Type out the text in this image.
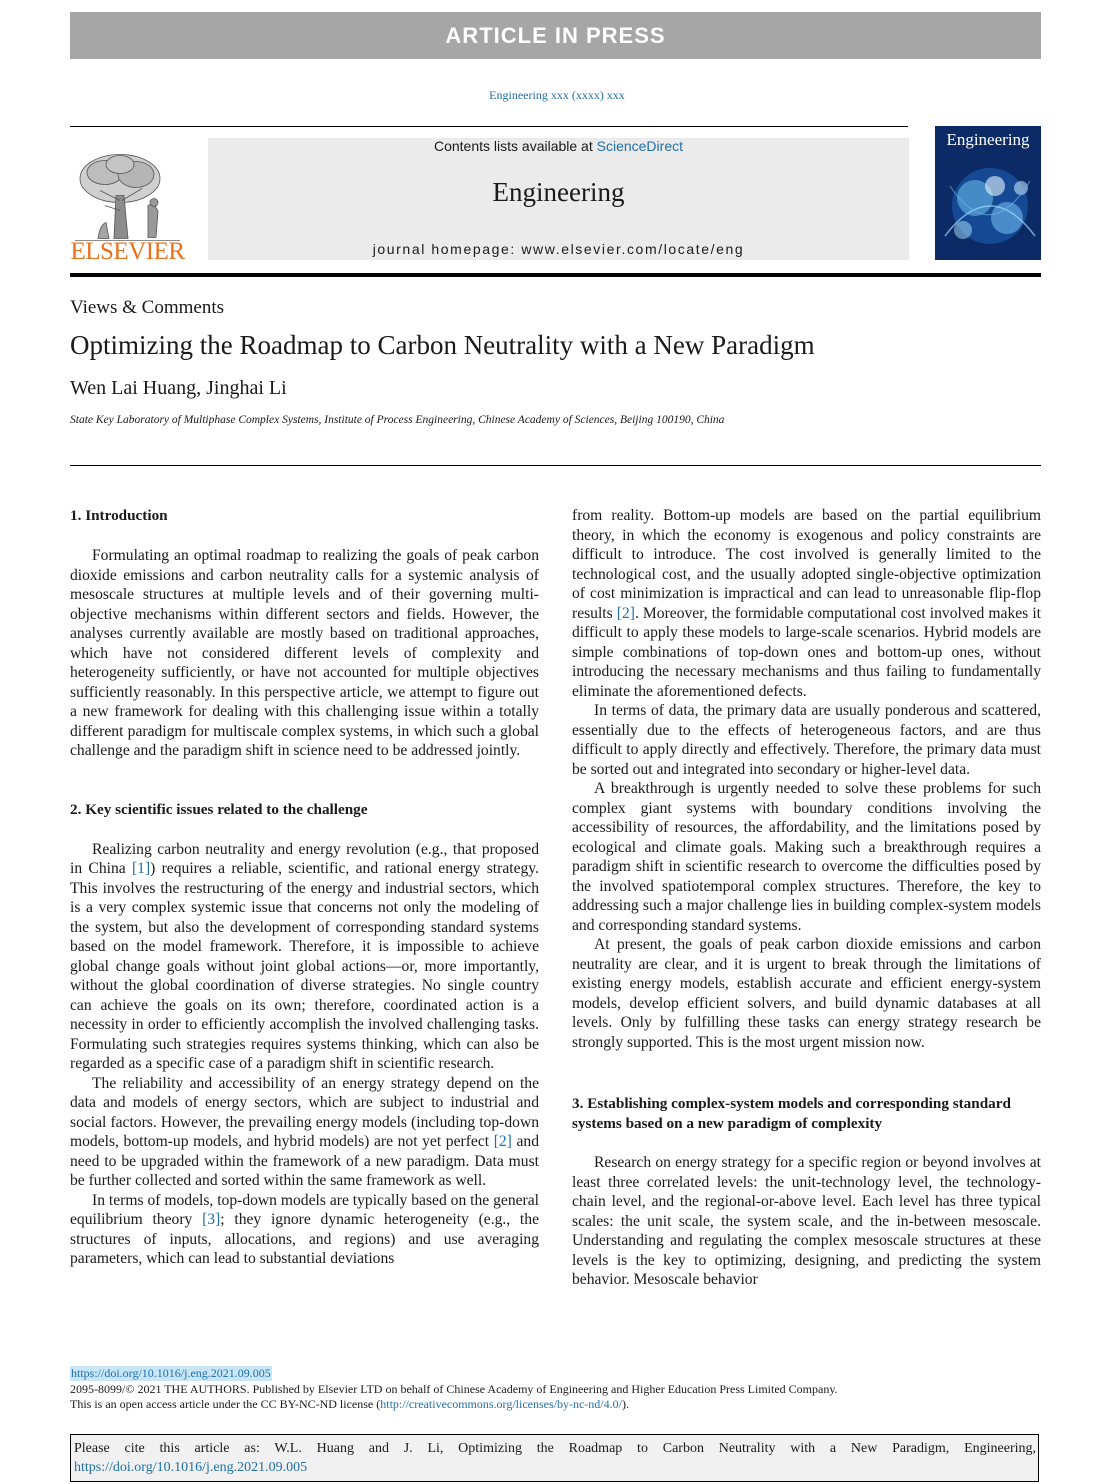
ARTICLE IN PRESS
Engineering xxx (xxxx) xxx
ELSEVIER
Contents lists available at ScienceDirect
Engineering
journal homepage: www.elsevier.com/locate/eng
Engineering
Views & Comments
Optimizing the Roadmap to Carbon Neutrality with a New Paradigm
Wen Lai Huang, Jinghai Li
State Key Laboratory of Multiphase Complex Systems, Institute of Process Engineering, Chinese Academy of Sciences, Beijing 100190, China
1. Introduction

Formulating an optimal roadmap to realizing the goals of peak carbon dioxide emissions and carbon neutrality calls for a systemic analysis of mesoscale structures at multiple levels and of their governing multi-objective mechanisms within different sectors and fields. However, the analyses currently available are mostly based on traditional approaches, which have not considered different levels of complexity and heterogeneity sufficiently, or have not accounted for multiple objectives sufficiently reasonably. In this perspective article, we attempt to figure out a new framework for dealing with this challenging issue within a totally different paradigm for multiscale complex systems, in which such a global challenge and the paradigm shift in science need to be addressed jointly.

2. Key scientific issues related to the challenge

Realizing carbon neutrality and energy revolution (e.g., that proposed in China [1]) requires a reliable, scientific, and rational energy strategy. This involves the restructuring of the energy and industrial sectors, which is a very complex systemic issue that concerns not only the modeling of the system, but also the development of corresponding standard systems based on the model framework. Therefore, it is impossible to achieve global change goals without joint global actions—or, more importantly, without the global coordination of diverse strategies. No single country can achieve the goals on its own; therefore, coordinated action is a necessity in order to efficiently accomplish the involved challenging tasks. Formulating such strategies requires systems thinking, which can also be regarded as a specific case of a paradigm shift in scientific research.

The reliability and accessibility of an energy strategy depend on the data and models of energy sectors, which are subject to industrial and social factors. However, the prevailing energy models (including top-down models, bottom-up models, and hybrid models) are not yet perfect [2] and need to be upgraded within the framework of a new paradigm. Data must be further collected and sorted within the same framework as well.

In terms of models, top-down models are typically based on the general equilibrium theory [3]; they ignore dynamic heterogeneity (e.g., the structures of inputs, allocations, and regions) and use averaging parameters, which can lead to substantial deviations

from reality. Bottom-up models are based on the partial equilibrium theory, in which the economy is exogenous and policy constraints are difficult to introduce. The cost involved is generally limited to the technological cost, and the usually adopted single-objective optimization of cost minimization is impractical and can lead to unreasonable flip-flop results [2]. Moreover, the formidable computational cost involved makes it difficult to apply these models to large-scale scenarios. Hybrid models are simple combinations of top-down ones and bottom-up ones, without introducing the necessary mechanisms and thus failing to fundamentally eliminate the aforementioned defects.

In terms of data, the primary data are usually ponderous and scattered, essentially due to the effects of heterogeneous factors, and are thus difficult to apply directly and effectively. Therefore, the primary data must be sorted out and integrated into secondary or higher-level data.

A breakthrough is urgently needed to solve these problems for such complex giant systems with boundary conditions involving the accessibility of resources, the affordability, and the limitations posed by ecological and climate goals. Making such a breakthrough requires a paradigm shift in scientific research to overcome the difficulties posed by the involved spatiotemporal complex structures. Therefore, the key to addressing such a major challenge lies in building complex-system models and corresponding standard systems.

At present, the goals of peak carbon dioxide emissions and carbon neutrality are clear, and it is urgent to break through the limitations of existing energy models, establish accurate and efficient energy-system models, develop efficient solvers, and build dynamic databases at all levels. Only by fulfilling these tasks can energy strategy research be strongly supported. This is the most urgent mission now.

3. Establishing complex-system models and corresponding standard systems based on a new paradigm of complexity

Research on energy strategy for a specific region or beyond involves at least three correlated levels: the unit-technology level, the technology-chain level, and the regional-or-above level. Each level has three typical scales: the unit scale, the system scale, and the in-between mesoscale. Understanding and regulating the complex mesoscale structures at these levels is the key to optimizing, designing, and predicting the system behavior. Mesoscale behavior

https://doi.org/10.1016/j.eng.2021.09.005
2095-8099/© 2021 THE AUTHORS. Published by Elsevier LTD on behalf of Chinese Academy of Engineering and Higher Education Press Limited Company.
This is an open access article under the CC BY-NC-ND license (http://creativecommons.org/licenses/by-nc-nd/4.0/).
Please cite this article as: W.L. Huang and J. Li, Optimizing the Roadmap to Carbon Neutrality with a New Paradigm, Engineering, https://doi.org/10.1016/j.eng.2021.09.005
